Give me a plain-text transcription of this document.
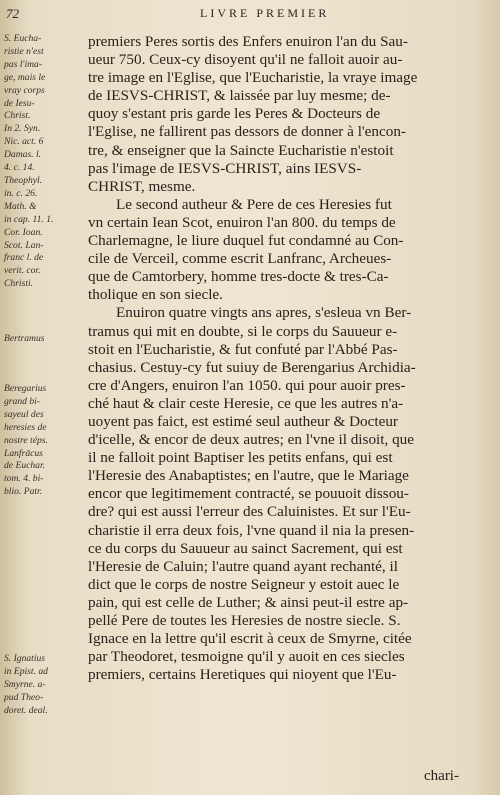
72	LIVRE PREMIER

premiers Peres sortis des Enfers enuiron l'an du Sau-
ueur 750. Ceux-cy disoyent qu'il ne falloit auoir au-
tre image en l'Eglise, que l'Eucharistie, la vraye image
de IESVS-CHRIST, & laissée par luy mesme; de-
quoy s'estant pris garde les Peres & Docteurs de
l'Eglise, ne fallirent pas dessors de donner à l'encon-
tre, & enseigner que la Saincte Eucharistie n'estoit
pas l'image de IESVS-CHRIST, ains IESVS-
CHRIST, mesme.

Le second autheur & Pere de ces Heresies fut
vn certain Iean Scot, enuiron l'an 800. du temps de
Charlemagne, le liure duquel fut condamné au Con-
cile de Verceil, comme escrit Lanfranc, Archeues-
que de Camtorbery, homme tres-docte & tres-Ca-
tholique en son siecle.

Enuiron quatre vingts ans apres, s'esleua vn Ber-
tramus qui mit en doubte, si le corps du Sauueur e-
stoit en l'Eucharistie, & fut confuté par l'Abbé Pas-
chasius. Cestuy-cy fut suiuy de Berengarius Archidia-
cre d'Angers, enuiron l'an 1050. qui pour auoir pres-
ché haut & clair ceste Heresie, ce que les autres n'a-
uoyent pas faict, est estimé seul autheur & Docteur
d'icelle, & encor de deux autres; en l'vne il disoit, que
il ne falloit point Baptiser les petits enfans, qui est
l'Heresie des Anabaptistes; en l'autre, que le Mariage
encor que legitimement contracté, se pouuoit dissou-
dre? qui est aussi l'erreur des Caluinistes. Et sur l'Eu-
charistie il erra deux fois, l'vne quand il nia la presen-
ce du corps du Sauueur au sainct Sacrement, qui est
l'Heresie de Caluin; l'autre quand ayant rechanté, il
dict que le corps de nostre Seigneur y estoit auec le
pain, qui est celle de Luther; & ainsi peut-il estre ap-
pellé Pere de toutes les Heresies de nostre siecle. S.
Ignace en la lettre qu'il escrit à ceux de Smyrne, citée
par Theodoret, tesmoigne qu'il y auoit en ces siecles
premiers, certains Heretiques qui nioyent que l'Eu-

S. Eucha-
ristie n'est
pas l'ima-
ge, mais le
vray corps
de Iesu-
Christ.
In 2. Syn.
Nic. act. 6
Damas. l.
4. c. 14.
Theophyl.
in. c. 26.
Math. &
in cap. 11. 1.
Cor. Ioan.
Scot. Lan-
franc l. de
verit. cor.
Christi.
Bertramus
Beregarius
grand bi-
sayeul des
heresies de
nostre téps.
Lanfrācus
de Euchar.
tom. 4. bi-
blio. Patr.
S. Ignatius
in Epist. ad
Smyrne. a-
pud Theo-
doret. deal.
chari-
